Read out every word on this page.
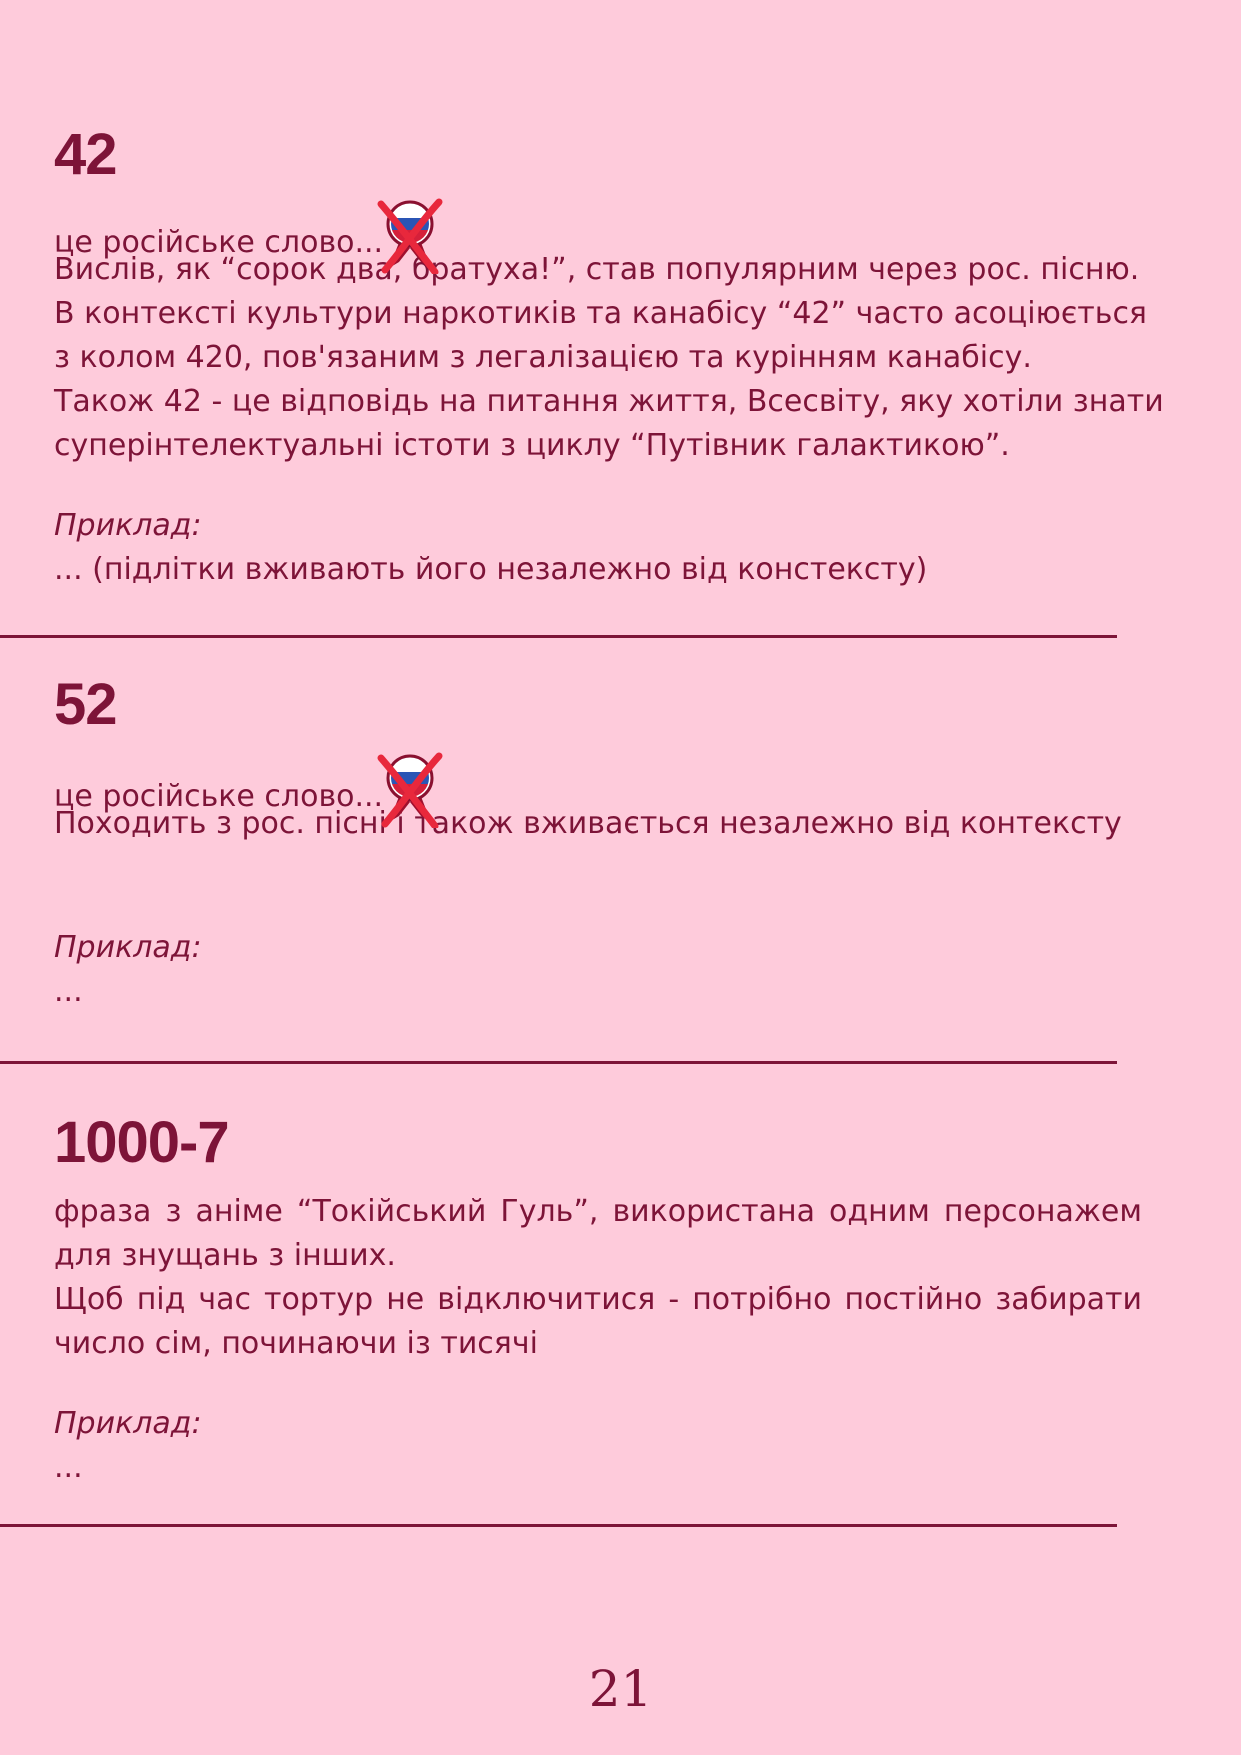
42

це російське слово...

Вислів, як “сорок два, братуха!”, став популярним через рос. пісню.

В контексті культури наркотиків та канабісу “42” часто асоціюється

з колом 420, пов'язаним з легалізацією та курінням канабісу.

Також 42 - це відповідь на питання життя, Всесвіту, яку хотіли знати

суперінтелектуальні істоти з циклу “Путівник галактикою”.

Приклад:

... (підлітки вживають його незалежно від констексту)

52

це російське слово...

Походить з рос. пісні і також вживається незалежно від контексту

Приклад:

...

1000-7

фраза з аніме “Токійський Гуль”, використана одним персонажем

для знущань з інших.

Щоб під час тортур не відключитися - потрібно постійно забирати

число сім, починаючи із тисячі

Приклад:

...

21
